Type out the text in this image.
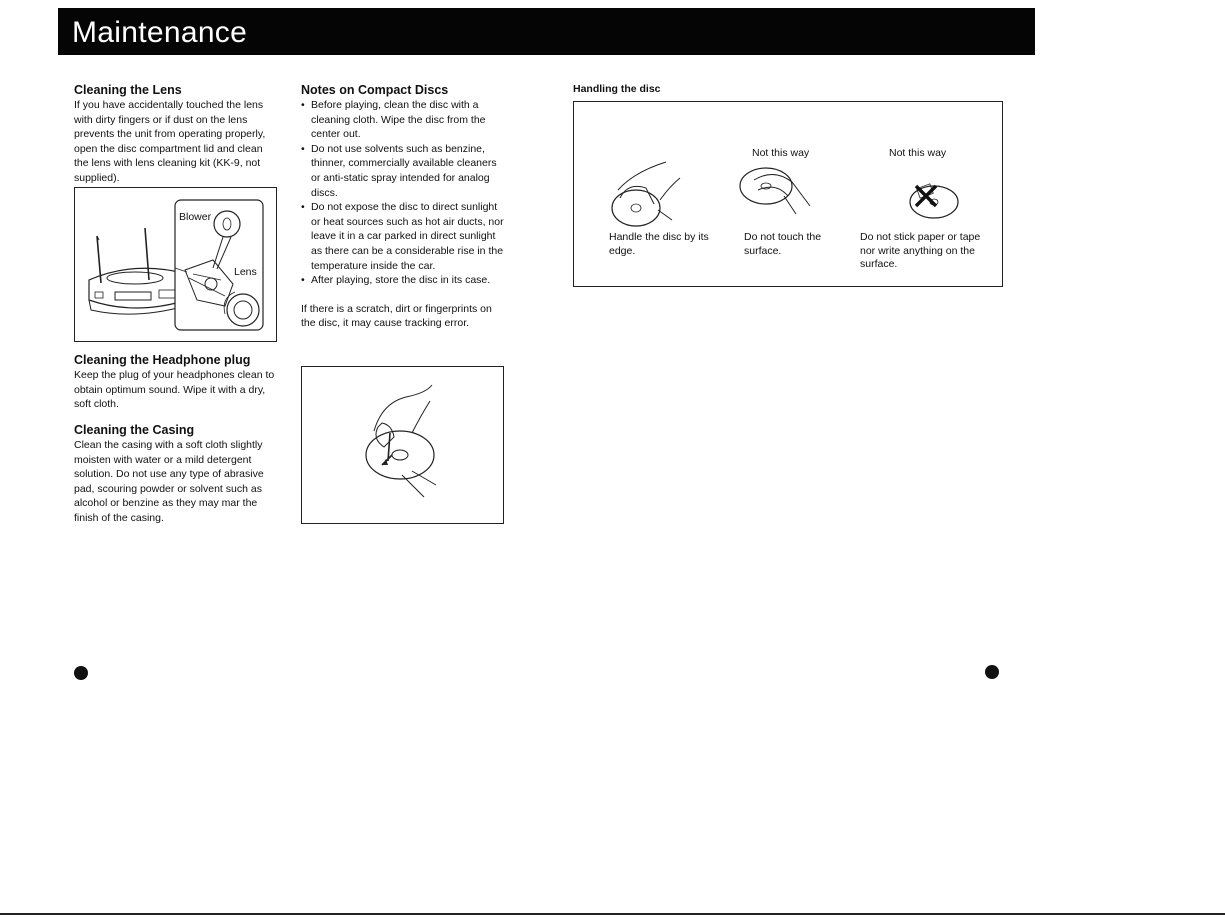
Maintenance
Cleaning the Lens

If you have accidentally touched the lens with dirty fingers or if dust on the lens prevents the unit from operating properly, open the disc compartment lid and clean the lens with lens cleaning kit (KK-9, not supplied).

Blower
Lens
Cleaning the Headphone plug

Keep the plug of your headphones clean to obtain optimum sound. Wipe it with a dry, soft cloth.

Cleaning the Casing

Clean the casing with a soft cloth slightly moisten with water or a mild detergent solution. Do not use any type of abrasive pad, scouring powder or solvent such as alcohol or benzine as they may mar the finish of the casing.

Notes on Compact Discs
• Before playing, clean the disc with a cleaning cloth. Wipe the disc from the center out.
• Do not use solvents such as benzine, thinner, commercially available cleaners or anti-static spray intended for analog discs.
• Do not expose the disc to direct sunlight or heat sources such as hot air ducts, nor leave it in a car parked in direct sunlight as there can be a considerable rise in the temperature inside the car.
• After playing, store the disc in its case.

If there is a scratch, dirt or fingerprints on the disc, it may cause tracking error.

Handling the disc
Not this way	Not this way
Handle the disc by its edge.
Do not touch the surface.
Do not stick paper or tape nor write anything on the surface.
